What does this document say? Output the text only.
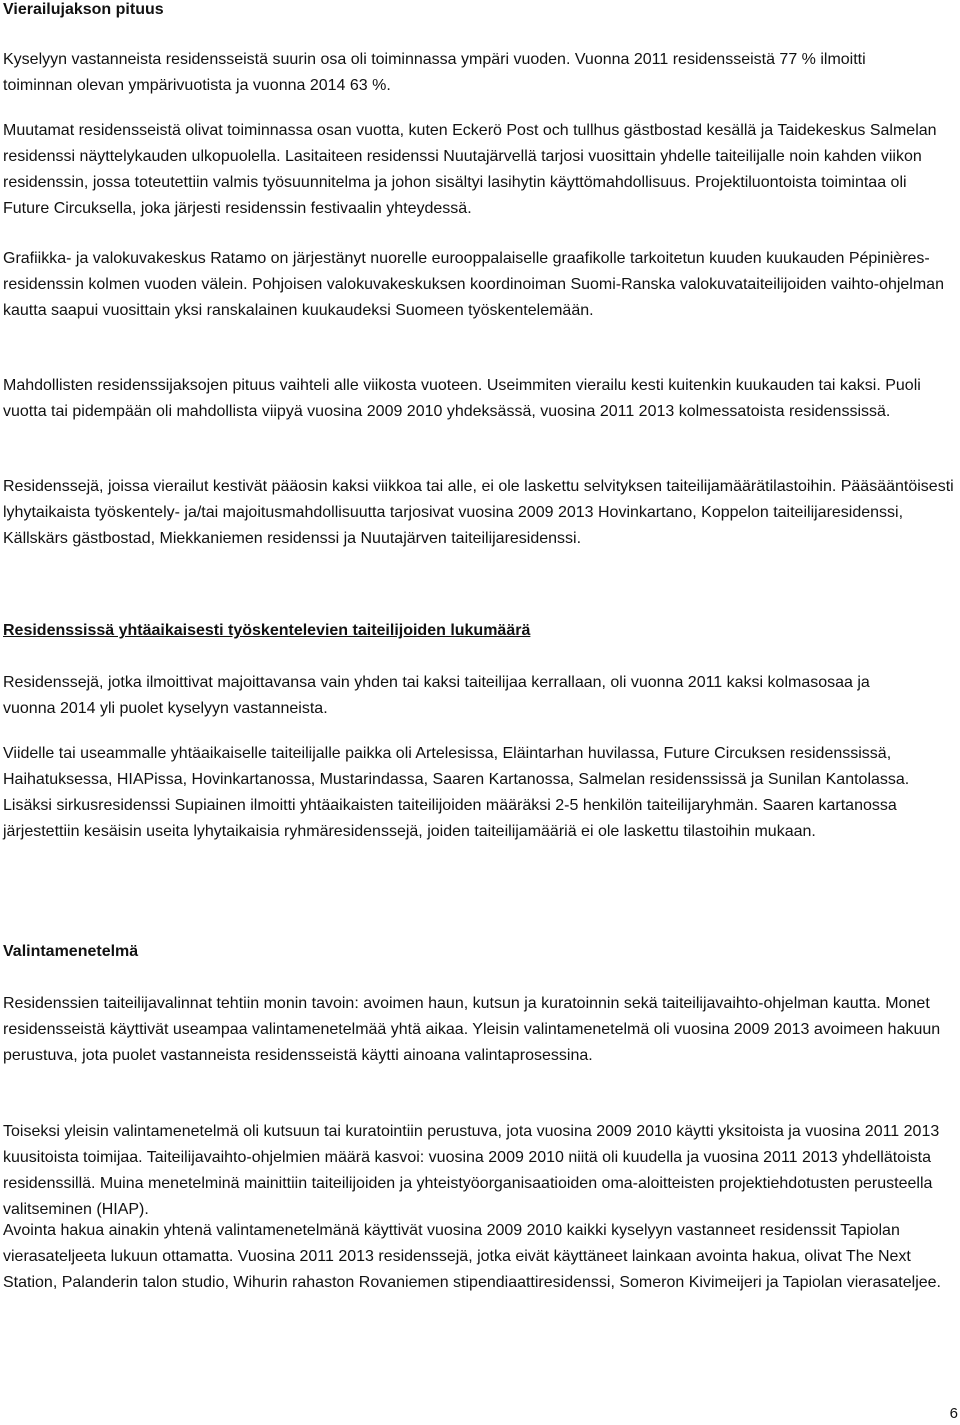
Vierailujakson pituus

Kyselyyn vastanneista residensseistä suurin osa oli toiminnassa ympäri vuoden. Vuonna 2011 residensseistä 77 % ilmoitti toiminnan olevan ympärivuotista ja vuonna 2014 63 %.

Muutamat residensseistä olivat toiminnassa osan vuotta, kuten Eckerö Post och tullhus gästbostad kesällä ja Taidekeskus Salmelan residenssi näyttelykauden ulkopuolella. Lasitaiteen residenssi Nuutajärvellä tarjosi vuosittain yhdelle taiteilijalle noin kahden viikon residenssin, jossa toteutettiin valmis työsuunnitelma ja johon sisältyi lasihytin käyttömahdollisuus. Projektiluontoista toimintaa oli Future Circuksella, joka järjesti residenssin festivaalin yhteydessä.

Grafiikka- ja valokuvakeskus Ratamo on järjestänyt nuorelle eurooppalaiselle graafikolle tarkoitetun kuuden kuukauden Pépinières-residenssin kolmen vuoden välein. Pohjoisen valokuvakeskuksen koordinoiman Suomi-Ranska valokuvataiteilijoiden vaihto-ohjelman kautta saapui vuosittain yksi ranskalainen kuukaudeksi Suomeen työskentelemään.

Mahdollisten residenssijaksojen pituus vaihteli alle viikosta vuoteen. Useimmiten vierailu kesti kuitenkin kuukauden tai kaksi. Puoli vuotta tai pidempään oli mahdollista viipyä vuosina 2009 2010 yhdeksässä, vuosina 2011 2013 kolmessatoista residenssissä.

Residenssejä, joissa vierailut kestivät pääosin kaksi viikkoa tai alle, ei ole laskettu selvityksen taiteilijamäärätilastoihin. Pääsääntöisesti lyhytaikaista työskentely- ja/tai majoitusmahdollisuutta tarjosivat vuosina 2009 2013 Hovinkartano, Koppelon taiteilijaresidenssi, Källskärs gästbostad, Miekkaniemen residenssi ja Nuutajärven taiteilijaresidenssi.

Residenssissä yhtäaikaisesti työskentelevien taiteilijoiden lukumäärä

Residenssejä, jotka ilmoittivat majoittavansa vain yhden tai kaksi taiteilijaa kerrallaan, oli vuonna 2011 kaksi kolmasosaa ja vuonna 2014 yli puolet kyselyyn vastanneista.

Viidelle tai useammalle yhtäaikaiselle taiteilijalle paikka oli Artelesissa, Eläintarhan huvilassa, Future Circuksen residenssissä, Haihatuksessa, HIAPissa, Hovinkartanossa, Mustarindassa, Saaren Kartanossa, Salmelan residenssissä ja Sunilan Kantolassa. Lisäksi sirkusresidenssi Supiainen ilmoitti yhtäaikaisten taiteilijoiden määräksi 2-5 henkilön taiteilijaryhmän. Saaren kartanossa järjestettiin kesäisin useita lyhytaikaisia ryhmäresidenssejä, joiden taiteilijamääriä ei ole laskettu tilastoihin mukaan.

Valintamenetelmä

Residenssien taiteilijavalinnat tehtiin monin tavoin: avoimen haun, kutsun ja kuratoinnin sekä taiteilijavaihto-ohjelman kautta. Monet residensseistä käyttivät useampaa valintamenetelmää yhtä aikaa. Yleisin valintamenetelmä oli vuosina 2009 2013 avoimeen hakuun perustuva, jota puolet vastanneista residensseistä käytti ainoana valintaprosessina.

Toiseksi yleisin valintamenetelmä oli kutsuun tai kuratointiin perustuva, jota vuosina 2009 2010 käytti yksitoista ja vuosina 2011 2013 kuusitoista toimijaa. Taiteilijavaihto-ohjelmien määrä kasvoi: vuosina 2009 2010 niitä oli kuudella ja vuosina 2011 2013 yhdellätoista residenssillä. Muina menetelminä mainittiin taiteilijoiden ja yhteistyöorganisaatioiden oma-aloitteisten projektiehdotusten perusteella valitseminen (HIAP).

Avointa hakua ainakin yhtenä valintamenetelmänä käyttivät vuosina 2009 2010 kaikki kyselyyn vastanneet residenssit Tapiolan vierasateljeeta lukuun ottamatta. Vuosina 2011 2013 residenssejä, jotka eivät käyttäneet lainkaan avointa hakua, olivat The Next Station, Palanderin talon studio, Wihurin rahaston Rovaniemen stipendiaattiresidenssi, Someron Kivimeijeri ja Tapiolan vierasateljee.

6
